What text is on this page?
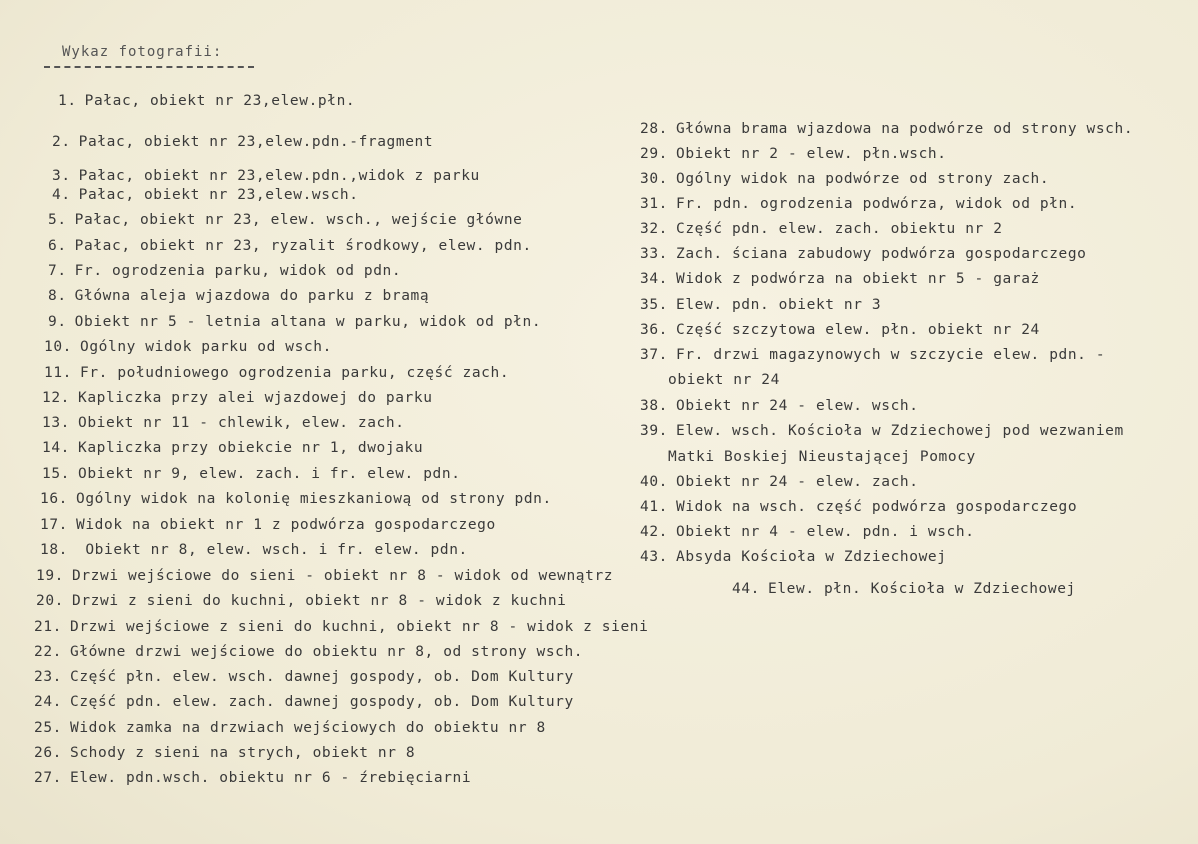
Wykaz fotografii:
1. Pałac, obiekt nr 23,elew.płn.
2. Pałac, obiekt nr 23,elew.pdn.-fragment
3. Pałac, obiekt nr 23,elew.pdn.,widok z parku
4. Pałac, obiekt nr 23,elew.wsch.
5. Pałac, obiekt nr 23, elew. wsch., wejście główne
6. Pałac, obiekt nr 23, ryzalit środkowy, elew. pdn.
7. Fr. ogrodzenia parku, widok od pdn.
8. Główna aleja wjazdowa do parku z bramą
9. Obiekt nr 5 - letnia altana w parku, widok od płn.
10. Ogólny widok parku od wsch.
11. Fr. południowego ogrodzenia parku, część zach.
12. Kapliczka przy alei wjazdowej do parku
13. Obiekt nr 11 - chlewik, elew. zach.
14. Kapliczka przy obiekcie nr 1, dwojaku
15. Obiekt nr 9, elew. zach. i fr. elew. pdn.
16. Ogólny widok na kolonię mieszkaniową od strony pdn.
17. Widok na obiekt nr 1 z podwórza gospodarczego
18. Obiekt nr 8, elew. wsch. i fr. elew. pdn.
19. Drzwi wejściowe do sieni - obiekt nr 8 - widok od wewnątrz
20. Drzwi z sieni do kuchni, obiekt nr 8 - widok z kuchni
21. Drzwi wejściowe z sieni do kuchni, obiekt nr 8 - widok z sieni
22. Główne drzwi wejściowe do obiektu nr 8, od strony wsch.
23. Część płn. elew. wsch. dawnej gospody, ob. Dom Kultury
24. Część pdn. elew. zach. dawnej gospody, ob. Dom Kultury
25. Widok zamka na drzwiach wejściowych do obiektu nr 8
26. Schody z sieni na strych, obiekt nr 8
27. Elew. pdn.wsch. obiektu nr 6 - źrebięciarni
28. Główna brama wjazdowa na podwórze od strony wsch.
29. Obiekt nr 2 - elew. płn.wsch.
30. Ogólny widok na podwórze od strony zach.
31. Fr. pdn. ogrodzenia podwórza, widok od płn.
32. Część pdn. elew. zach. obiektu nr 2
33. Zach. ściana zabudowy podwórza gospodarczego
34. Widok z podwórza na obiekt nr 5 - garaż
35. Elew. pdn. obiekt nr 3
36. Część szczytowa elew. płn. obiekt nr 24
37. Fr. drzwi magazynowych w szczycie elew. pdn. -
obiekt nr 24
38. Obiekt nr 24 - elew. wsch.
39. Elew. wsch. Kościoła w Zdziechowej pod wezwaniem
Matki Boskiej Nieustającej Pomocy
40. Obiekt nr 24 - elew. zach.
41. Widok na wsch. część podwórza gospodarczego
42. Obiekt nr 4 - elew. pdn. i wsch.
43. Absyda Kościoła w Zdziechowej
44. Elew. płn. Kościoła w Zdziechowej
